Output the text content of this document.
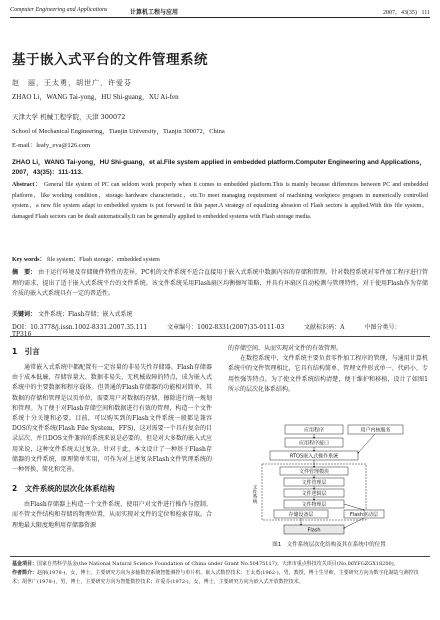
Computer Engineering and Applications	计算机工程与应用	2007，43(35) 111
基于嵌入式平台的文件管理系统
赵　丽，王太勇，胡世广，许爱芬
ZHAO Li，WANG Tai-yong，HU Shi-guang，XU Ai-fen
天津大学 机械工程学院，天津 300072
School of Mechanical Engineering，Tianjin University，Tianjin 300072，China
E-mail：leafy_eva@126.com
ZHAO Li，WANG Tai-yong，HU Shi-guang，et al.File system applied in embedded platform.Computer Engineering and Applications，2007，43(35)：111-113.
Abstract： General file system of PC can seldom work properly when it comes to embedded platform.This is mainly because differences between PC and embedded platform，like working condition，storage hardware characteristic，etc.To meet managing requirement of machining workpiece program in numerically controlled system，a new file system adapt to embedded system is put forward in this paper.A strategy of equalizing abrasion of Flash sectors is applied.With this file system，damaged Flash sectors can be dealt automatically.It can be generally applied to embedded systems with Flash storage media.
Key words： file system；Flash storage；embedded system
摘　要： 由于运行环境及存储硬件特性的差异，PC机的文件系统不适合直接用于嵌入式系统中数据内容的存储和管理。针对数控系统对零件加工程序进行管理的需求，提出了适于嵌入式系统平台的文件系统。该文件系统采用Flash扇区均衡擦写策略，并具有坏扇区自动检测与管理特性，对于使用Flash作为存储介质的嵌入式系统具有一定的普适性。
关键词： 文件系统；Flash存储；嵌入式系统
DOI：10.3778/j.issn.1002-8331.2007.35.111	文章编号：1002-8331(2007)35-0111-03	文献标识码：A	中图分类号：TP316
1　引言

通常嵌入式系统中都配置有一定容量的非易失性存储器。Flash存储器由于成本低廉、存储容量大、数据非易失、无机械故障的特点，成为嵌入式系统中的主要数据和程序载体。但普通的Flash存储器的功能相对简单，其数据的存储和管理是以页单位，需要用户对数据的存储、擦除进行统一规划和管理。为了便于对Flash存储空间和数据进行有效的管理，构造一个文件系统十分关键和必要。目前，可以购买到的Flash文件系统一般都是兼容DOS的文件系统(Flash File System，FFS)，这对需要一个具有复杂的目录层次、并且DOS文件兼容的系统来说是必要的，但是对大多数的嵌入式应用来说，这种文件系统太过复杂。针对于此，本文设计了一种基于Flash存储器的文件系统，原理简单实用，可作为对上述复杂Flash文件管理系统的一种替换、简化和完善。

2　文件系统的层次化体系结构

由Flash存储器上构造一个文件系统，使用户对文件进行操作与控制，而不管文件结构和存储的物理位置，从而实现对文件的定位和检索存取。合理地最大限度地利用存储器资源

的存储空间，从而实现对文件的有效管理。

在数控系统中，文件系统主要负责零件加工程序的管理，与通用计算机系统中的文件管理相比，它具有结构简单、管理文件形式单一、代码小、专用性强等特点。为了使文件系统结构清楚，便于维护和移植，设计了如图1所示的层次化体系结构。

应用程序	用户内核服务
应用程序接口
RTOS嵌入式操作系统
文件系统
文件管理模块
文件管理层
文件逻辑层
文件物理层
Flash驱动层
存储设备层
Flash
图1　文件系统层次化结构及其在系统中的位置
基金项目：国家自然科学基金(the National Natural Science Foundation of China under Grant No.50475117)；天津市重点科技攻关项目(No.06YFGZGX18200)。
作者简介：赵丽(1978-)，女，博士，主要研究方向为多轴数控系统智能测控与单片机、嵌入式数控技术；王太勇(1962-)，男，教授，博士生导师，主要研究方向为数字化制造与测控技术；胡世广(1978-)，男，博士，主要研究方向为智能数控技术；许爱芬(1972-)，女，博士，主要研究方向为嵌入式开放数控技术。
